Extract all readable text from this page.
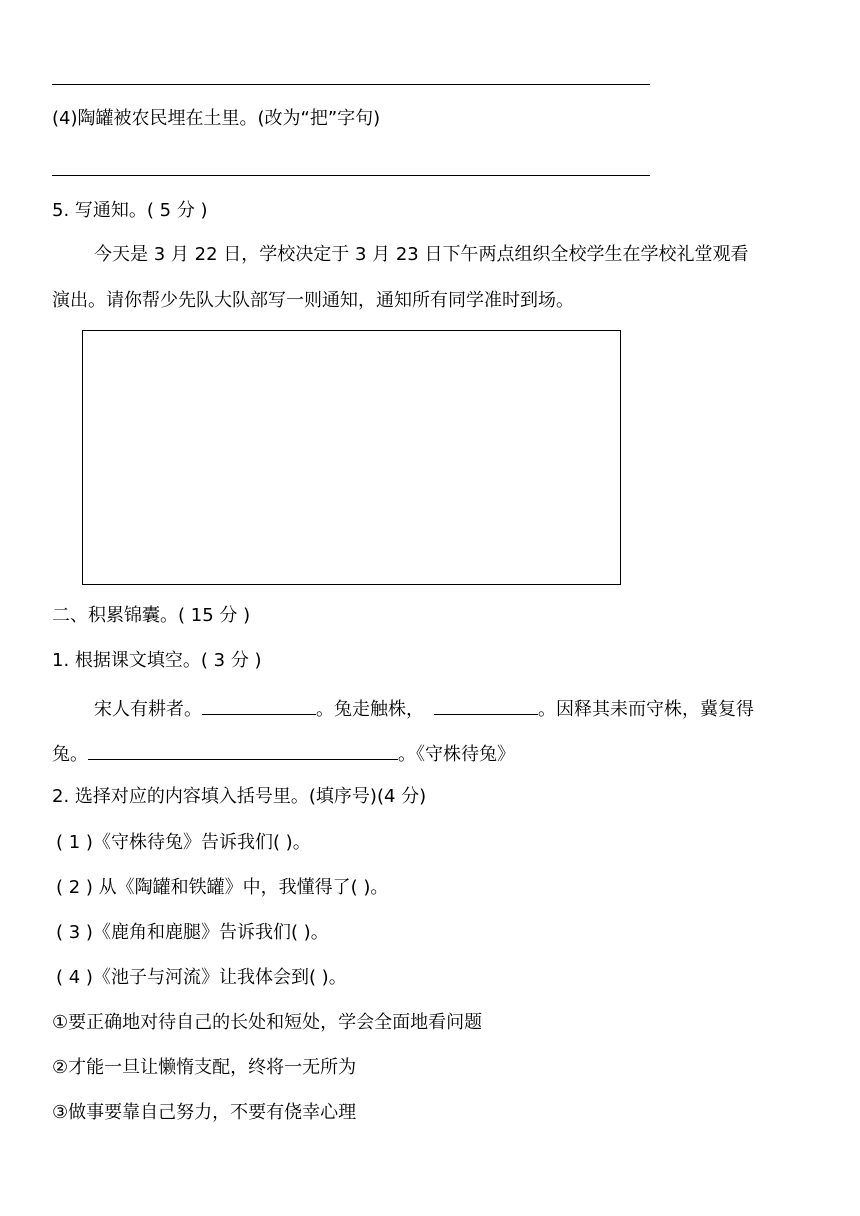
(4)陶罐被农民埋在土里。(改为“把”字句)
5. 写通知。( 5 分 )
今天是 3 月 22 日，学校决定于 3 月 23 日下午两点组织全校学生在学校礼堂观看
演出。请你帮少先队大队部写一则通知，通知所有同学准时到场。
二、积累锦囊。( 15 分 )
1. 根据课文填空。( 3 分 )
宋人有耕者。	。兔走触株，	。因释其耒而守株，冀复得
兔。	。《守株待兔》
2. 选择对应的内容填入括号里。(填序号)(4 分)
( 1 )《守株待兔》告诉我们( )。
( 2 ) 从《陶罐和铁罐》中，我懂得了( )。
( 3 )《鹿角和鹿腿》告诉我们( )。
( 4 )《池子与河流》让我体会到( )。
①要正确地对待自己的长处和短处，学会全面地看问题
②才能一旦让懒惰支配，终将一无所为
③做事要靠自己努力，不要有侥幸心理
